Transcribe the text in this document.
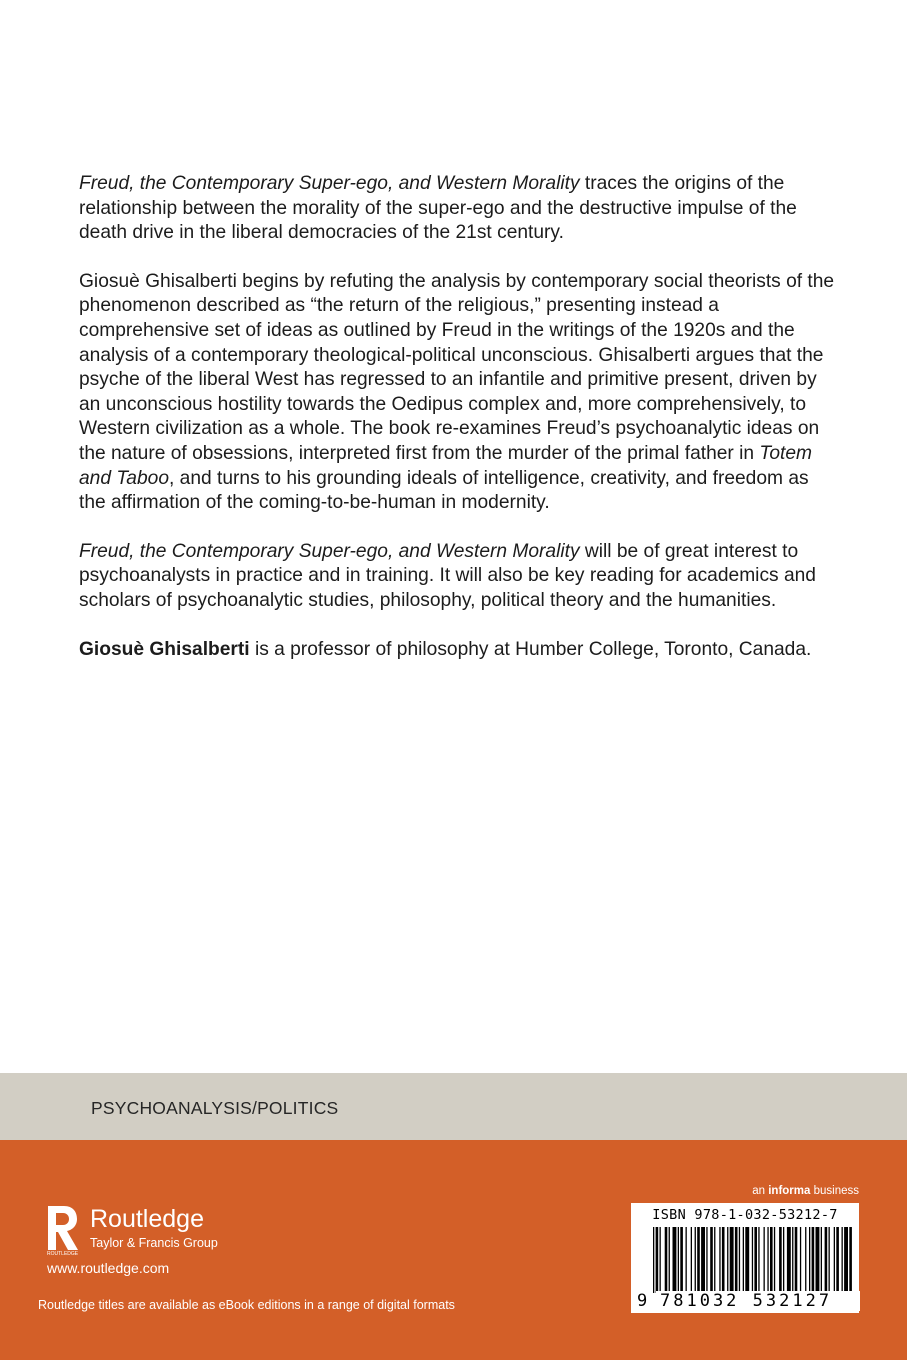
Freud, the Contemporary Super-ego, and Western Morality traces the origins of the relationship between the morality of the super-ego and the destructive impulse of the death drive in the liberal democracies of the 21st century.

Giosuè Ghisalberti begins by refuting the analysis by contemporary social theorists of the phenomenon described as “the return of the religious,” presenting instead a comprehensive set of ideas as outlined by Freud in the writings of the 1920s and the analysis of a contemporary theological-political unconscious. Ghisalberti argues that the psyche of the liberal West has regressed to an infantile and primitive present, driven by an unconscious hostility towards the Oedipus complex and, more comprehensively, to Western civilization as a whole. The book re-examines Freud’s psychoanalytic ideas on the nature of obsessions, interpreted first from the murder of the primal father in Totem and Taboo, and turns to his grounding ideals of intelligence, creativity, and freedom as the affirmation of the coming-to-be-human in modernity.

Freud, the Contemporary Super-ego, and Western Morality will be of great interest to psychoanalysts in practice and in training. It will also be key reading for academics and scholars of psychoanalytic studies, philosophy, political theory and the humanities.

Giosuè Ghisalberti is a professor of philosophy at Humber College, Toronto, Canada.

PSYCHOANALYSIS/POLITICS
an informa business
ROUTLEDGE
Routledge
Taylor & Francis Group
www.routledge.com
Routledge titles are available as eBook editions in a range of digital formats
ISBN 978-1-032-53212-7
9 781032 532127
